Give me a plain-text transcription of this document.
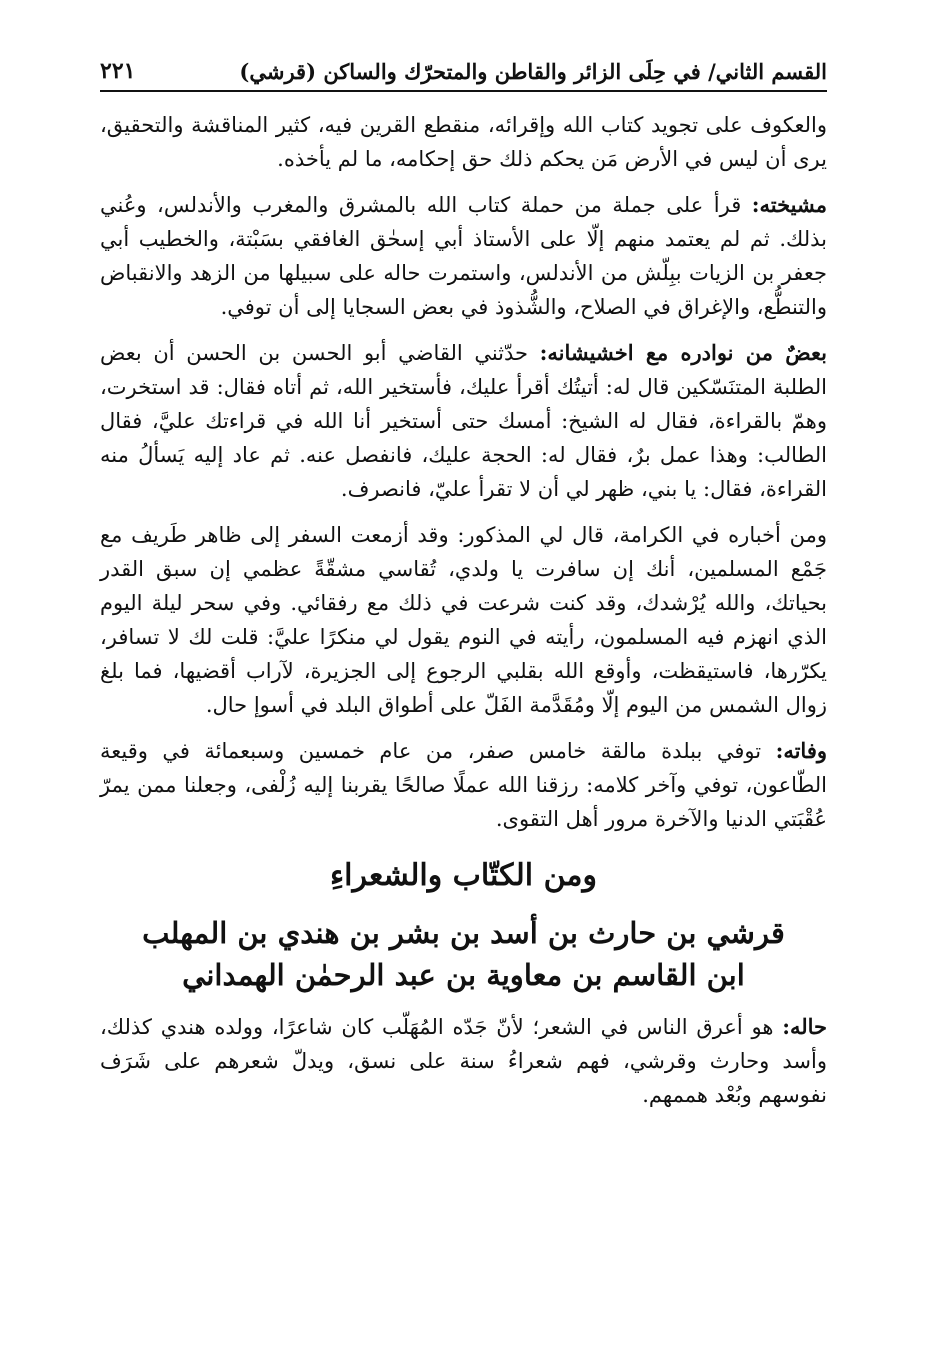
القسم الثاني/ في حِلَى الزائر والقاطن والمتحرّك والساكن (قرشي)
٢٢١

والعكوف على تجويد كتاب الله وإقرائه، منقطع القرين فيه، كثير المناقشة والتحقيق، يرى أن ليس في الأرض مَن يحكم ذلك حق إحكامه، ما لم يأخذه.

مشيخته: قرأ على جملة من حملة كتاب الله بالمشرق والمغرب والأندلس، وعُني بذلك. ثم لم يعتمد منهم إلّا على الأستاذ أبي إسحٰق الغافقي بسَبْتة، والخطيب أبي جعفر بن الزيات ببِلّش من الأندلس، واستمرت حاله على سبيلها من الزهد والانقباض والتنطُّع، والإغراق في الصلاح، والشُّذوذ في بعض السجايا إلى أن توفي.

بعضٌ من نوادره مع اخشيشانه: حدّثني القاضي أبو الحسن بن الحسن أن بعض الطلبة المتنَسّكين قال له: أتيتُك أقرأ عليك، فأستخير الله، ثم أتاه فقال: قد استخرت، وهمّ بالقراءة، فقال له الشيخ: أمسك حتى أستخير أنا الله في قراءتك عليَّ، فقال الطالب: وهذا عمل برٌ، فقال له: الحجة عليك، فانفصل عنه. ثم عاد إليه يَسألُ منه القراءة، فقال: يا بني، ظهر لي أن لا تقرأ عليّ، فانصرف.

ومن أخباره في الكرامة، قال لي المذكور: وقد أزمعت السفر إلى ظاهر طَريف مع جَمْع المسلمين، أنك إن سافرت يا ولدي، تُقاسي مشقّةً عظمي إن سبق القدر بحياتك، والله يُرْشدك، وقد كنت شرعت في ذلك مع رفقائي. وفي سحر ليلة اليوم الذي انهزم فيه المسلمون، رأيته في النوم يقول لي منكرًا عليَّ: قلت لك لا تسافر، يكرّرها، فاستيقظت، وأوقع الله بقلبي الرجوع إلى الجزيرة، لآراب أقضيها، فما بلغ زوال الشمس من اليوم إلّا ومُقَدَّمة الفَلّ على أطواق البلد في أسوإ حال.

وفاته: توفي ببلدة مالقة خامس صفر، من عام خمسين وسبعمائة في وقيعة الطّاعون، توفي وآخر كلامه: رزقنا الله عملًا صالحًا يقربنا إليه زُلْفى، وجعلنا ممن يمرّ عُقْبَتي الدنيا والآخرة مرور أهل التقوى.

ومن الكتّاب والشعراءِ
قرشي بن حارث بن أسد بن بشر بن هندي بن المهلب
ابن القاسم بن معاوية بن عبد الرحمٰن الهمداني

حاله: هو أعرق الناس في الشعر؛ لأنّ جَدّه المُهَلّب كان شاعرًا، وولده هندي كذلك، وأسد وحارث وقرشي، فهم شعراءُ سنة على نسق، ويدلّ شعرهم على شَرَف نفوسهم وبُعْد هممهم.
